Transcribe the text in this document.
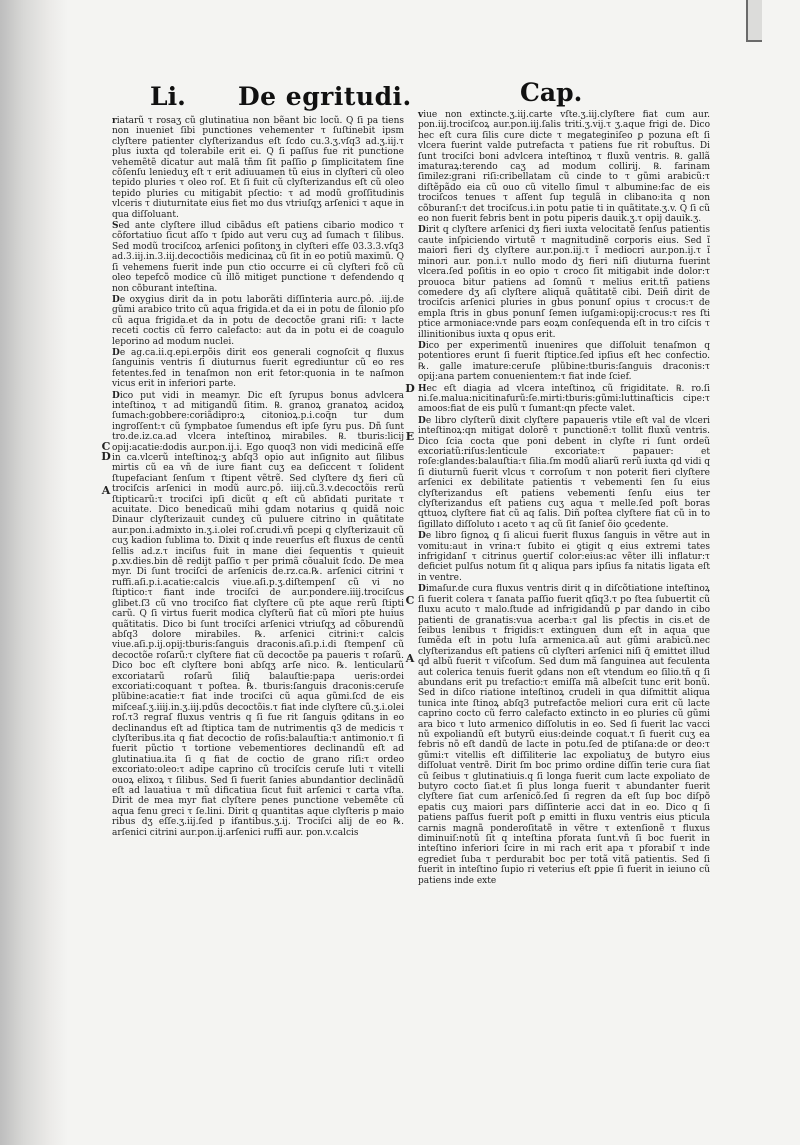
Li. De egritudi.	Cap.
C
D
A
D
E
C
A

riatarũ τ rosaʒ cũ glutinatiua non bẽant bic locũ. Q ſi pa tiens non inueniet ſibi punctiones vehementer τ ſuſtinebit ipsm clyſtere patienter clyſterizandus eſt ſcdo cu.3.ʒ.vſq3 ad.ʒ.iij.τ plus iuxta qd tolerabile erit ei. Q ſi paſſus fue rit punctione vehemẽtẽ dicatur aut malã tñm ſit paſſio ꝑ ſimplicitatem ſine cõſenſu lenieduʒ eſt τ erit adiuuamen tũ eius in clyſteri cũ oleo tepido pluries τ oleo roſ. Et ſi fuit cũ clyſterizandus eſt cũ oleo tepido pluries cu mitigabit pſectio: τ ad modũ groſſitudinis vlceris τ diuturnitate eius fiet mo dus vtriuſqʒ arſenici τ aque in qua diſſoluant.

Sed ante clyſtere illud cibãdus eſt patiens cibario modico τ cõfortatiuo ſicut aſſo τ ſpido aut veru cuʒ ad ſumach τ ſilibus. Sed modũ trociſcoꝝ arſenici poſitonʒ in clyſteri eſſe 03.3.3.vſq3 ad.3.iij.in.3.iij.decoctiõis medicinaꝝ cũ ſit in eo potiũ maximũ. Q ſi vehemens fuerit inde pun ctio occurre ei cũ clyſteri fcõ cũ oleo tepefcõ modice cũ illõ mitiget punctione τ defendendo q non cõburant inteſtina.

De oxygius dirit da in potu laborãti diſſinteria aurc.pô. .iij.de gũmi arabico trito cũ aqua frigida.et da ei in potu de ſilonio pſo cũ aqua frigida.et da in potu de decoctõe grani riſi: τ lacte receti coctis cũ ferro calefacto: aut da in potu ei de coagulo leporino ad modum nuclei.

De ag.ca.ii.q.epi.erpõis dirit eos generali cognoſcit q fluxus ſanguinis ventris ſi diuturnus fuerit egrediuntur cũ eo res fetentes.fed in tenaſmon non erit fetor:quonia in te naſmon vicus erit in inferiori parte.

Dico put vidi in meamyr. Dic eſt ſyrupus bonus advlcera inteſtinoꝝ τ ad mitigandũ ſitim. ℞. granoꝝ granatoꝝ acidoꝝ ſumach:gobbere:coriãdipro:ꝝ citonioꝝ.p.i.coq̃n tur dum ingroſſent:τ cũ ſympbatoe ſumendus eſt ipſe ſyru pus. Dñ ſunt tro.de.iz.ca.ad vlcera inteſtinoꝝ mirabiles. ℞. tburis:licij opij:acatie:dodis aur.pon.ij.i. Ego quoq3 non vidi medicinã eſſe in ca.vlcerũ inteſtinoꝝ:ʒ abſq3 opio aut inſignito aut ſilibus mirtis cũ ea vñ de iure fiant cuʒ ea deſiccent τ ſolident ſtupefaciant ſenſum τ ſtipent vẽtrẽ. Sed clyſtere dʒ fieri cũ trociſcis arſenici in modũ aurc.pô. iiij.cũ.3.v.decoctõis rerũ ſtipticarũ:τ trociſci ipſi dicũt q eſt cũ abſidati puritate τ acuitate. Dico benedicaũ mihi gdam notarius q quidã noic Dinaur clyſterizauit cundeʒ cũ puluere citrino in quãtitate aur.pon.i.admixto in.ʒ.i.olei roſ.crudi.vñ pcepi q clyſterizauit cũ cuʒ kadion ſublima to. Dixit q inde reuerſus eſt fluxus de centũ ſellis ad.z.τ inciſus fuit in mane diei ſequentis τ quieuit ꝑ.xv.dies.bin dẽ redijt paſſio τ per primã cõualuit ſcdo. De mea myr. Di ſunt trociſci de arſenicis de.rz.ca.℞. arſenici citrini τ ruffi.aſi.p.i.acatie:calcis viue.aſi.p.ʒ.diſtempenſ cũ vi no ſtiptico:τ fiant inde trociſci de aur.pondere.iiij.trociſcus glibet.ſ3 cũ vno trociſco fiat clyſtere cũ pte aque rerũ ſtipti carũ. Q ſi virtus fuerit modica clyſterũ fiat cũ mĩori pte huius quãtitatis. Dico bi ſunt trociſci arſenici vtriuſqʒ ad cõburendũ abſq3 dolore mirabiles. ℞. arſenici citrini:τ calcis viue.aſi.p.ij.opij:tburis:ſanguis draconis.aſi.p.i.di ſtempenſ cũ decoctõe roſarũ:τ clyſtere fiat cũ decoctõe pa paueris τ roſarũ. Dico boc eſt clyſtere boni abſqʒ arſe nico. ℞. lenticularũ excoriatarũ roſarũ ſiliq̃ balauſtie:papa ueris:ordei excoriati:coquant τ poſtea. ℞. tburis:ſanguis draconis:ceruſe plũbine:acatie:τ fiat inde trociſci cũ aqua gũmi.ſcd de eis miſceaſ.ʒ.iiij.in.ʒ.iij.pdũs decoctõis.τ fiat inde clyſtere cũ.ʒ.i.olei roſ.τ3 regraſ fluxus ventris q ſi fue rit ſanguis ꝯditans in eo declinandus eſt ad ſtiptica tam de nutrimentis q3 de medicis τ clyſteribus.ita q fiat decoctio de roſis:balauſtia:τ antimonio.τ ſi fuerit pũctio τ tortione vebementiores declinandũ eſt ad glutinatiua.ita ſi q fiat de coctio de grano riſi:τ ordeo excoriato:oleo:τ adipe caprino cũ trociſcis ceruſe luti τ vitelli ouoꝝ elixoꝝ τ ſilibus. Sed ſi fuerit ſanies abundantior declinãdũ eſt ad lauatiua τ mũ dificatiua ſicut fuit arſenici τ carta vſta. Dirit de mea myr fiat clyſtere penes punctione vebemẽte cũ aqua fenu greci τ ſe.lini. Dirit q quantitas aque clyſteris p maio ribus dʒ eſſe.ʒ.iij.ſed p ifantibus.ʒ.ij. Trociſci alij de eo ℞. arſenici citrini aur.pon.ij.arſenici ruffi aur. pon.v.calcis

viue non extincte.ʒ.iij.carte vſte.ʒ.iij.clyſtere fiat cum aur. pon.iij.trociſcoꝝ aur.pon.iij.ſalis triti.ʒ.vij.τ ʒ.aque frigi de. Dico hec eſt cura ſilis cure dicte τ megateginiſeo ꝑ pozuna eſt ſi vlcera fuerint valde putrefacta τ patiens fue rit robuſtus. Di ſunt trociſci boni advlcera inteſtinoꝝ τ fluxũ ventris. ℞. gallã imaturaꝝ:terendo caʒ ad modum collirij. ℞. farinam ſimilez:grani riſi:cribellatam cũ cinde to τ gũmi arabicũ:τ diſtẽpãdo eia cũ ouo cũ vitello ſimul τ albumine:fac de eis trociſcos tenues τ aſſent ſup tegulã in clibano:ita q non cõburanſ:τ det trociſcus.i.in potu patie ti in quãtitate.ʒ.v. Q ſi cũ eo non fuerit febris bent in potu piperis dauik.ʒ.τ opij dauik.ʒ.

Dirit q clyſtere arſenici dʒ fieri iuxta velocitatẽ ſenſus patientis caute inſpiciendo virtutẽ τ magnitudinẽ corporis eius. Sed ĩ maiori fieri dʒ clyſtere aur.pon.iij.τ ĩ mediocri aur.pon.ij.τ ĩ minori aur. pon.i.τ nullo modo dʒ fieri niſi diuturna fuerint vlcera.ſed poſitis in eo opio τ croco ſit mitigabit inde dolor:τ prouoca bitur patiens ad ſomnũ τ melius erit.tñ patiens comedere dʒ aſi clyſtere aliquã quãtitatẽ cibi. Deiñ dirit de trociſcis arſenici pluries in gbus ponunſ opius τ crocus:τ de empla ſtris in gbus ponunſ ſemen iuſgami:opij:crocus:τ res ſti ptice armoniace:vnde pars eoꝝm conſequenda eſt in tro ciſcis τ illinitionibus iuxta q opus erit.

Dico per experimentũ inuenires que diſſoluit tenaſmon q potentiores erunt ſi fuerit ſtiptice.ſed ipſius eſt hec confectio. ℞. galle imature:ceruſe plũbine:tburis:ſanguis draconis:τ opij:ana partem conuenientem:τ fiat inde ſcief.

Hec eſt diagia ad vlcera inteſtinoꝝ cũ frigiditate. ℞. ro.ſi ni.ſe.malua:nicitinafurũ:ſe.mirti:tburis:gũmi:luttinaſticis cipe:τ amoos:fiat de eis pulũ τ ſumant:qn pfecte valet.

De libro clyſterũ dixit clyſtere papaueris vtile eſt val de vlceri inteſtinoꝝ:qn mitigat dolorẽ τ punctionẽ:τ tollit fluxũ ventris. Dico ſcia cocta que poni debent in clyſte ri ſunt ordeũ excoriatũ:riſus:lenticule excoriate:τ papauer: et roſe:glandes:balauſtia:τ ſilia.ſm modũ aliarũ rerũ iuxta qd vidi q ſi diuturnũ fuerit vlcus τ corroſum τ non poterit fieri clyſtere arſenici ex debilitate patientis τ vebementi ſen ſu eius clyſterizandus eſt patiens vebementi ſenſu eius ter clyſterizandus eſt patiens cuʒ aqua τ melle.ſed poſt boras qttuoꝝ clyſtere fiat cũ aq ſalis. Diñ poſtea clyſtere fiat cũ in to ſigillato diſſoluto ı aceto τ aq cũ ſit ſanieſ õio ꝯcedente.

De libro ſignoꝝ q ſi alicui fuerit fluxus ſanguis in vẽtre aut in vomitu:aut in vrina:τ ſubito ei ꝯtigit q eius extremi tates infrigidanſ τ citrinus ꝯuertiſ color:eius:ac vẽter illi inflatur:τ deficiet pulſus notum ſit q aliqua pars ipſius fa nitatis ligata eſt in ventre.

Dimaſur.de cura fluxus ventris dirit q in diſcõtiatione inteſtinoꝝ ſi fuerit colera τ ſanata paſſio fuerit qſiq3.τ po ſtea ſubuertit cũ fluxu acuto τ malo.ſtude ad infrigidandũ ꝑ par dando in cibo patienti de granatis:vua acerba:τ gal lis pfectis in cis.et de ſeibus lenibus τ frigidis:τ extinguen dum eſt in aqua que ſumẽda eſt in potu luſa armenica.aũ aut gũmi arabicũ.nec clyſterizandus eſt patiens cũ clyſteri arſenici niſi q̃ emittet illud qd albũ fuerit τ viſcoſum. Sed dum mã ſanguinea aut feculenta aut colerica tenuis fuerit ꝯdans non eſt vtendum eo ſilio.tñ q ſi abundans erit pu trefactio:τ emiſſa mã albeſcit tunc erit bonũ. Sed in diſco riatione inteſtinoꝝ crudeli in qua diſmittit aliqua tunica inte ſtinoꝝ abſq3 putrefactõe meliori cura erit cũ lacte caprino cocto cũ ferro calefacto extincto in eo pluries cũ gũmi ara bico τ luto armenico diſſolutis in eo. Sed ſi fuerit lac vacci nũ expoliandũ eſt butyrũ eius:deinde coquat.τ ſi fuerit cuʒ ea febris nõ eſt dandũ de lacte in potu.ſed de ptiſana:de or deo:τ gũmi:τ vitellis eſt diſſiliterie lac expoliatuʒ de butyro eius diſſoluat ventrẽ. Dirit ſm boc primo ordine diſſin terie cura ſiat cũ ſeibus τ glutinatiuis.q ſi longa fuerit cum lacte expoliato de butyro cocto ſiat.et ſi plus longa fuerit τ abundanter fuerit clyſtere ſiat cum arſenicõ.ſed ſi regren da eſt ſup boc diſpõ epatis cuʒ maiori pars diſſinterie acci dat in eo. Dico q ſi patiens paſſus fuerit poſt ꝑ emitti in fluxu ventris eius pticula carnis magnã ponderoſitatẽ in vẽtre τ extenſionẽ τ fluxus diminuiſ:notũ ſit q inteſtina pforata ſunt.vñ ſi boc fuerit in inteſtino inferiori ſcire in mi rach erit apa τ pforabiſ τ inde egrediet ſuba τ perdurabit boc per totã vitã patientis. Sed ſi fuerit in inteſtino ſupio ri veterius eſt ꝑpie ſi fuerit in ieiuno cũ patiens inde exte
